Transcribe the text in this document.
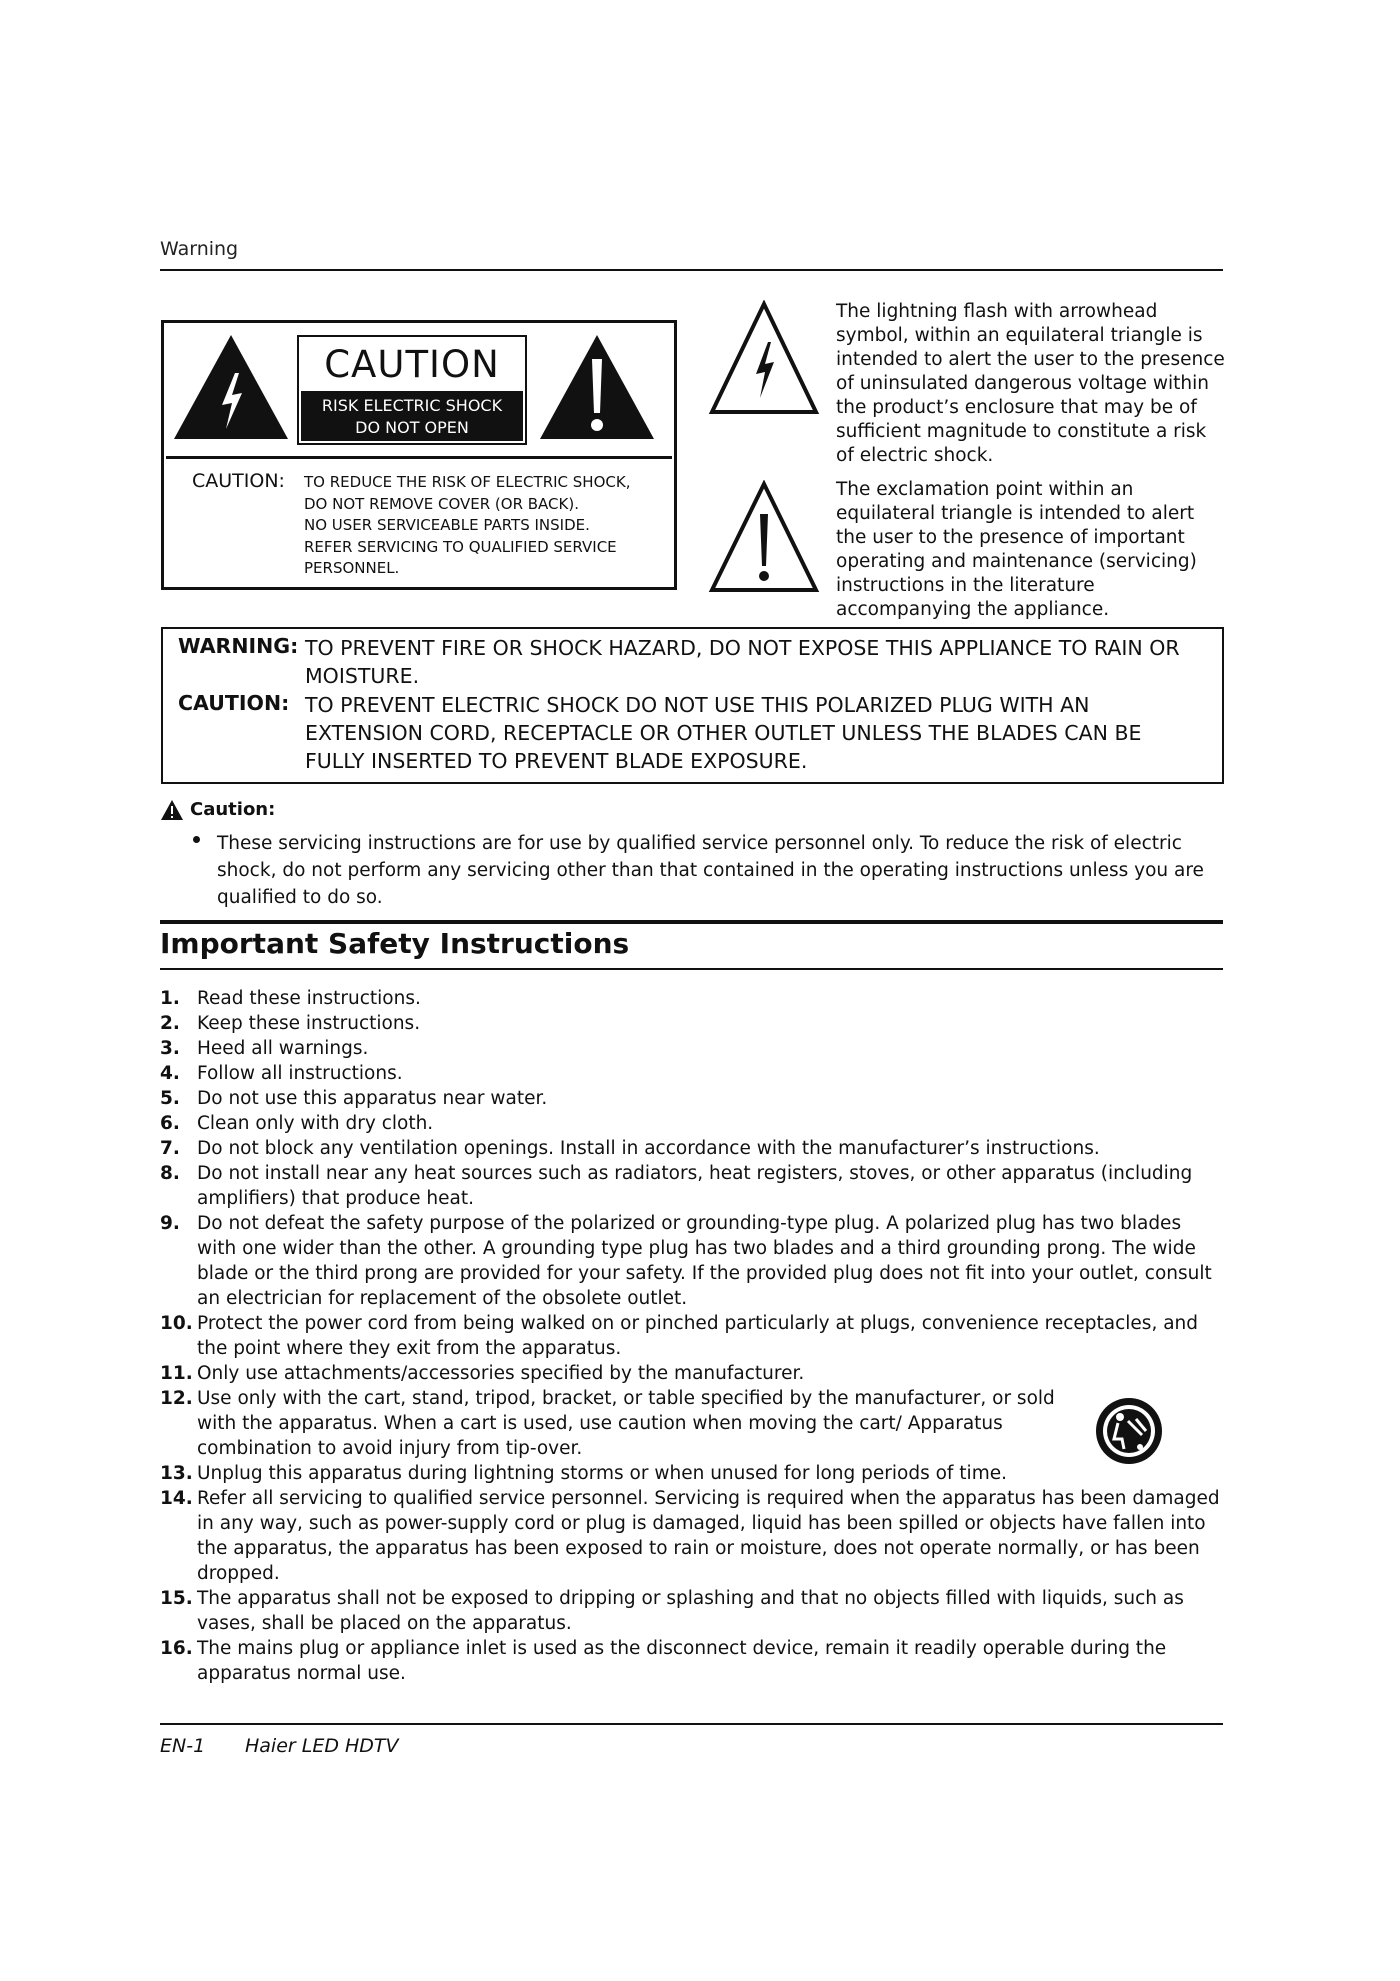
Warning
CAUTION
RISK ELECTRIC SHOCK
DO NOT OPEN
CAUTION: TO REDUCE THE RISK OF ELECTRIC SHOCK,
DO NOT REMOVE COVER (OR BACK).
NO USER SERVICEABLE PARTS INSIDE.
REFER SERVICING TO QUALIFIED SERVICE
PERSONNEL.
The lightning flash with arrowhead symbol, within an equilateral triangle is intended to alert the user to the presence of uninsulated dangerous voltage within the product’s enclosure that may be of sufficient magnitude to constitute a risk of electric shock.
The exclamation point within an equilateral triangle is intended to alert the user to the presence of important operating and maintenance (servicing) instructions in the literature accompanying the appliance.
WARNING: TO PREVENT FIRE OR SHOCK HAZARD, DO NOT EXPOSE THIS APPLIANCE TO RAIN OR MOISTURE.
CAUTION: TO PREVENT ELECTRIC SHOCK DO NOT USE THIS POLARIZED PLUG WITH AN EXTENSION CORD, RECEPTACLE OR OTHER OUTLET UNLESS THE BLADES CAN BE FULLY INSERTED TO PREVENT BLADE EXPOSURE.
Caution:
These servicing instructions are for use by qualified service personnel only. To reduce the risk of electric shock, do not perform any servicing other than that contained in the operating instructions unless you are qualified to do so.
Important Safety Instructions
1. Read these instructions.
2. Keep these instructions.
3. Heed all warnings.
4. Follow all instructions.
5. Do not use this apparatus near water.
6. Clean only with dry cloth.
7. Do not block any ventilation openings. Install in accordance with the manufacturer’s instructions.
8. Do not install near any heat sources such as radiators, heat registers, stoves, or other apparatus (including amplifiers) that produce heat.
9. Do not defeat the safety purpose of the polarized or grounding-type plug. A polarized plug has two blades with one wider than the other. A grounding type plug has two blades and a third grounding prong. The wide blade or the third prong are provided for your safety. If the provided plug does not fit into your outlet, consult an electrician for replacement of the obsolete outlet.
10. Protect the power cord from being walked on or pinched particularly at plugs, convenience receptacles, and the point where they exit from the apparatus.
11. Only use attachments/accessories specified by the manufacturer.
12. Use only with the cart, stand, tripod, bracket, or table specified by the manufacturer, or sold with the apparatus. When a cart is used, use caution when moving the cart/ Apparatus combination to avoid injury from tip-over.
13. Unplug this apparatus during lightning storms or when unused for long periods of time.
14. Refer all servicing to qualified service personnel. Servicing is required when the apparatus has been damaged in any way, such as power-supply cord or plug is damaged, liquid has been spilled or objects have fallen into the apparatus, the apparatus has been exposed to rain or moisture, does not operate normally, or has been dropped.
15. The apparatus shall not be exposed to dripping or splashing and that no objects filled with liquids, such as vases, shall be placed on the apparatus.
16. The mains plug or appliance inlet is used as the disconnect device, remain it readily operable during the apparatus normal use.
EN-1 Haier LED HDTV
